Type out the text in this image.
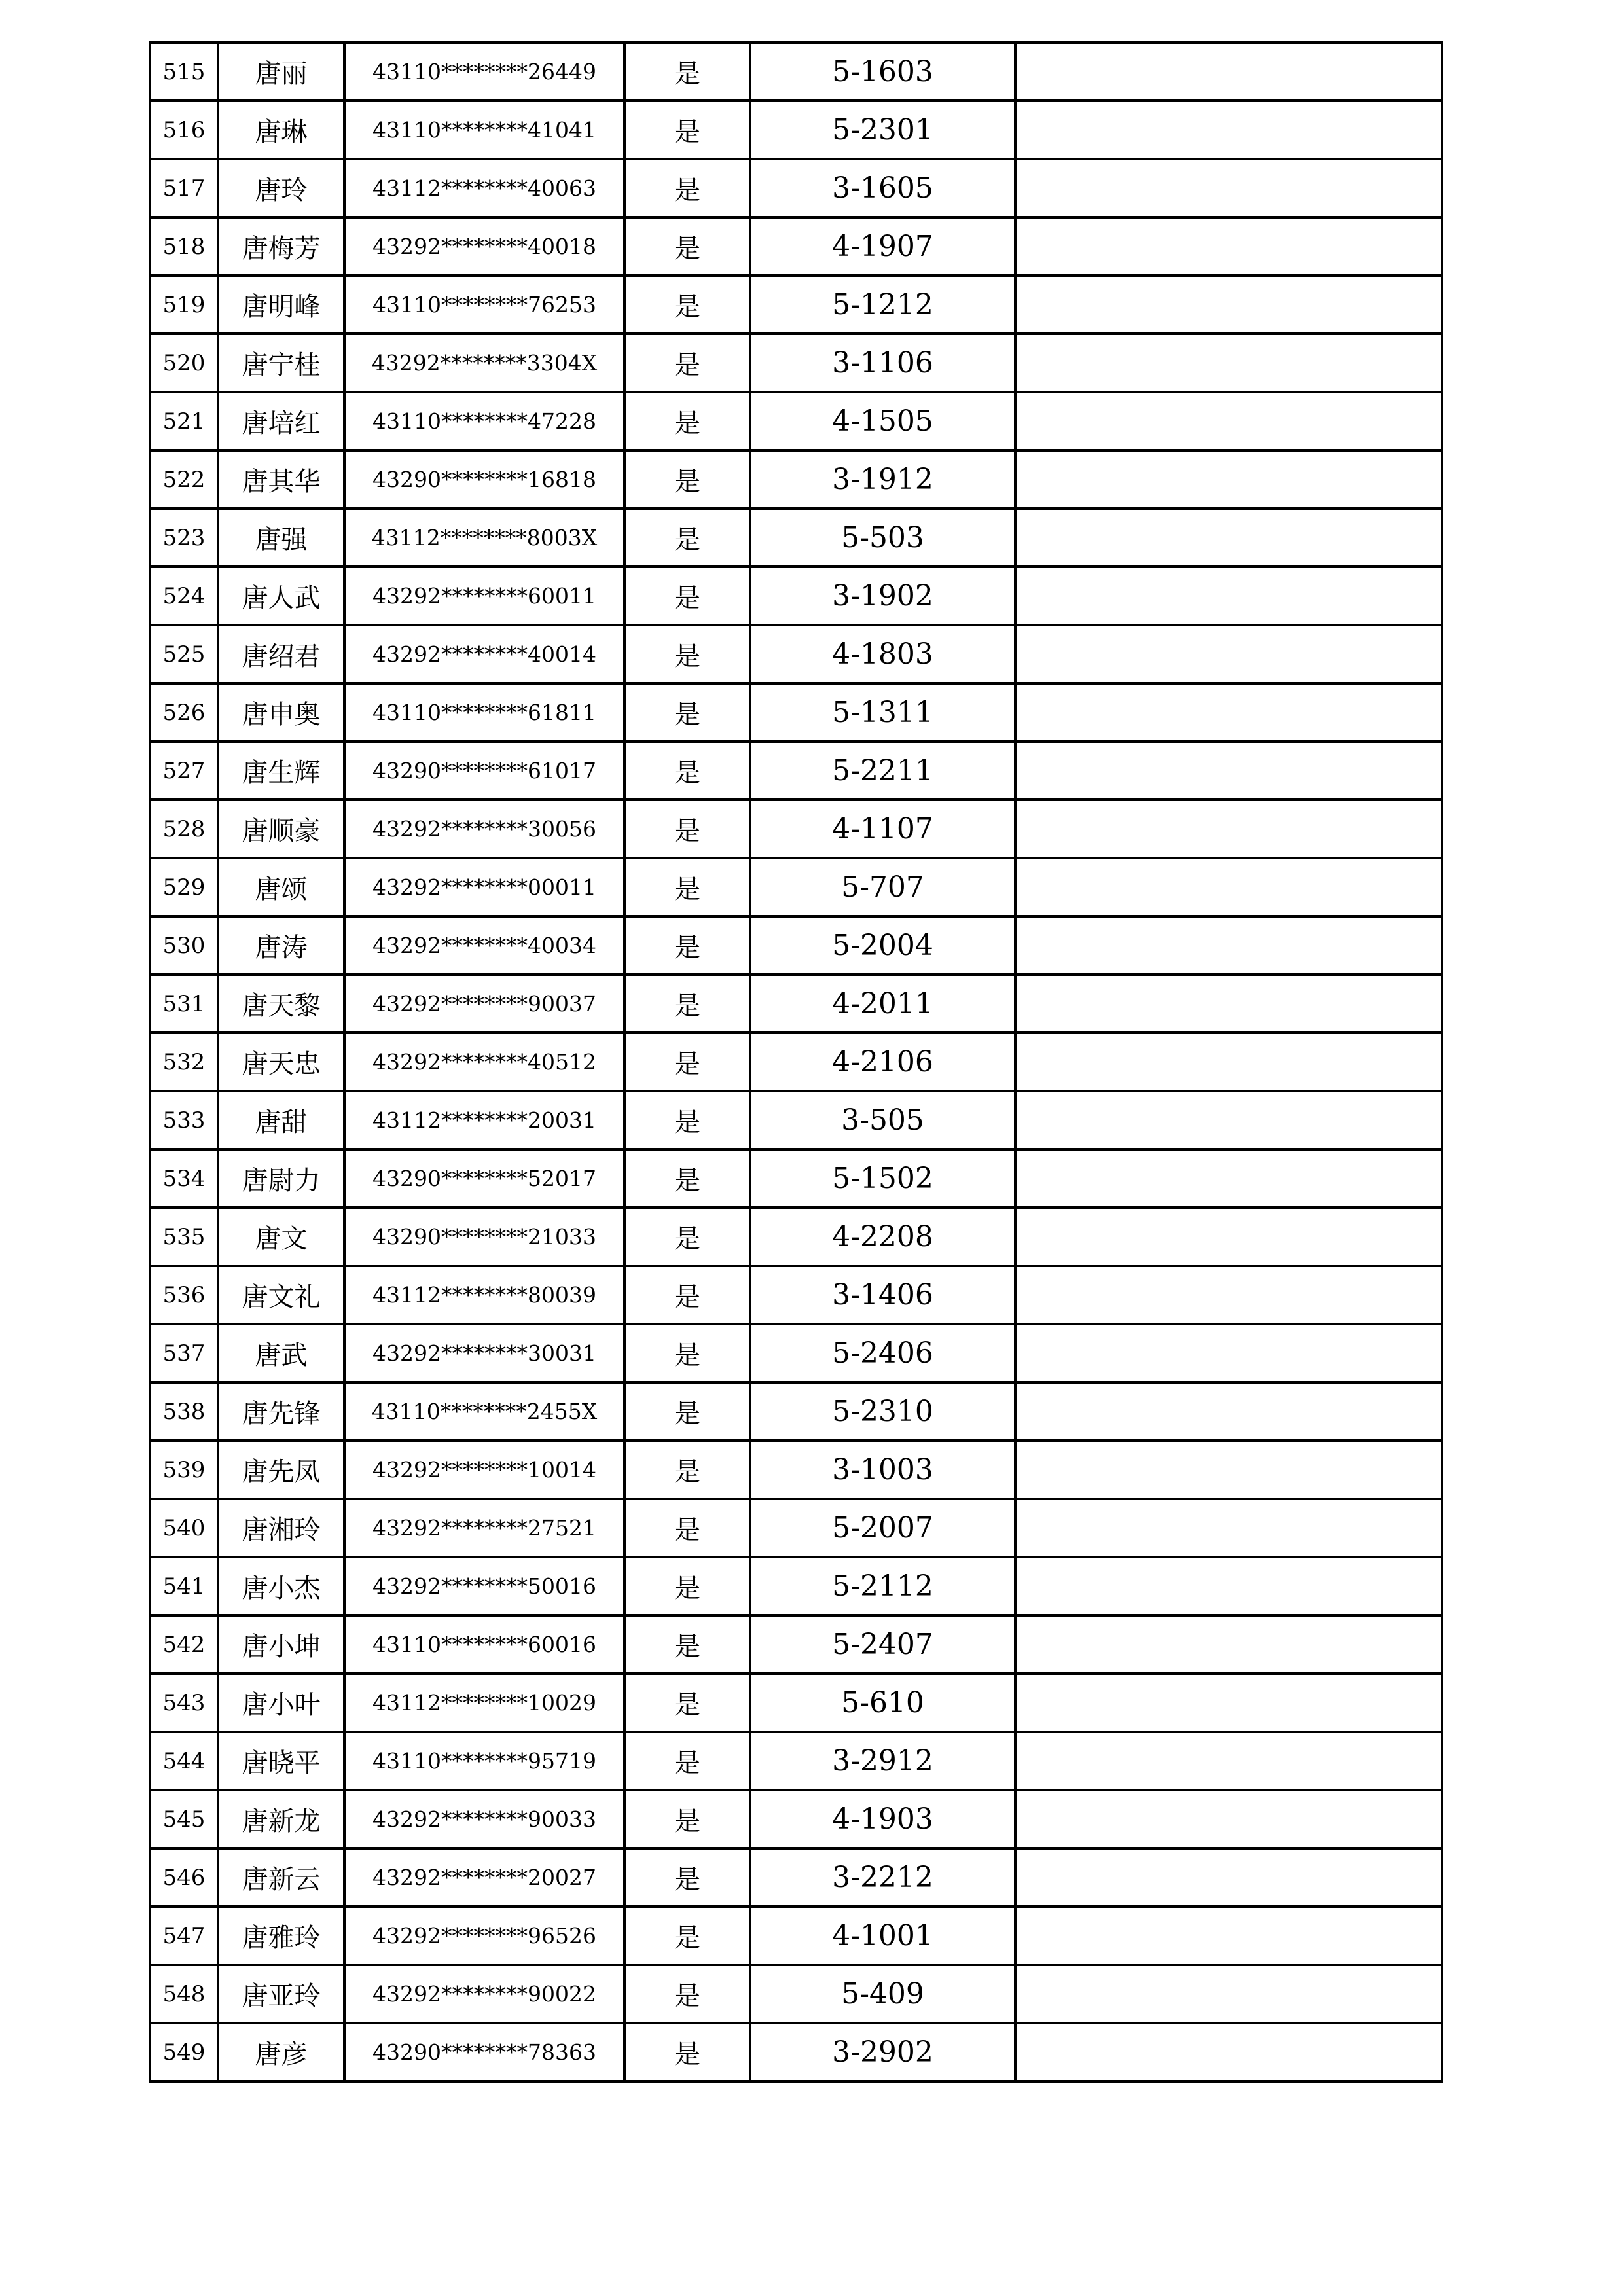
515	唐丽	43110********26449	是	5-1603	
516	唐琳	43110********41041	是	5-2301	
517	唐玲	43112********40063	是	3-1605	
518	唐梅芳	43292********40018	是	4-1907	
519	唐明峰	43110********76253	是	5-1212	
520	唐宁桂	43292********3304X	是	3-1106	
521	唐培红	43110********47228	是	4-1505	
522	唐其华	43290********16818	是	3-1912	
523	唐强	43112********8003X	是	5-503	
524	唐人武	43292********60011	是	3-1902	
525	唐绍君	43292********40014	是	4-1803	
526	唐申奥	43110********61811	是	5-1311	
527	唐生辉	43290********61017	是	5-2211	
528	唐顺豪	43292********30056	是	4-1107	
529	唐颂	43292********00011	是	5-707	
530	唐涛	43292********40034	是	5-2004	
531	唐天黎	43292********90037	是	4-2011	
532	唐天忠	43292********40512	是	4-2106	
533	唐甜	43112********20031	是	3-505	
534	唐尉力	43290********52017	是	5-1502	
535	唐文	43290********21033	是	4-2208	
536	唐文礼	43112********80039	是	3-1406	
537	唐武	43292********30031	是	5-2406	
538	唐先锋	43110********2455X	是	5-2310	
539	唐先凤	43292********10014	是	3-1003	
540	唐湘玲	43292********27521	是	5-2007	
541	唐小杰	43292********50016	是	5-2112	
542	唐小坤	43110********60016	是	5-2407	
543	唐小叶	43112********10029	是	5-610	
544	唐晓平	43110********95719	是	3-2912	
545	唐新龙	43292********90033	是	4-1903	
546	唐新云	43292********20027	是	3-2212	
547	唐雅玲	43292********96526	是	4-1001	
548	唐亚玲	43292********90022	是	5-409	
549	唐彦	43290********78363	是	3-2902	
